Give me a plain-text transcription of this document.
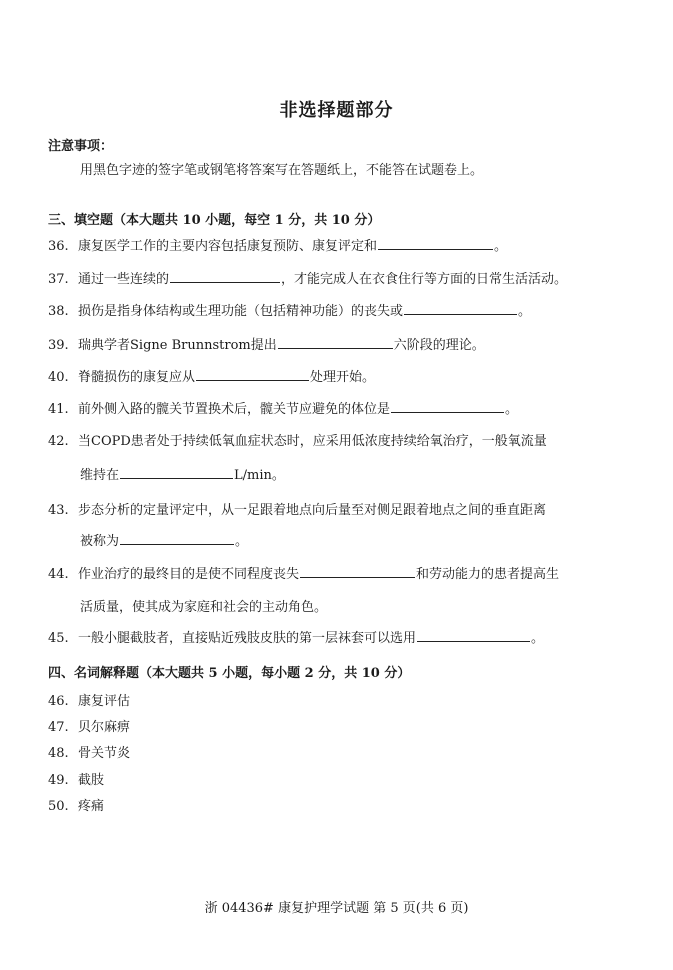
非选择题部分
注意事项：
用黑色字迹的签字笔或钢笔将答案写在答题纸上，不能答在试题卷上。
三、填空题（本大题共 10 小题，每空 1 分，共 10 分）
36. 康复医学工作的主要内容包括康复预防、康复评定和	。
37. 通过一些连续的	，才能完成人在衣食住行等方面的日常生活活动。
38. 损伤是指身体结构或生理功能（包括精神功能）的丧失或	。
39. 瑞典学者Signe Brunnstrom提出	六阶段的理论。
40. 脊髓损伤的康复应从	处理开始。
41. 前外侧入路的髋关节置换术后，髋关节应避免的体位是	。
42. 当COPD患者处于持续低氧血症状态时，应采用低浓度持续给氧治疗，一般氧流量
维持在	L/min。
43. 步态分析的定量评定中，从一足跟着地点向后量至对侧足跟着地点之间的垂直距离
被称为	。
44. 作业治疗的最终目的是使不同程度丧失	和劳动能力的患者提高生
活质量，使其成为家庭和社会的主动角色。
45. 一般小腿截肢者，直接贴近残肢皮肤的第一层袜套可以选用	。
四、名词解释题（本大题共 5 小题，每小题 2 分，共 10 分）
46. 康复评估
47. 贝尔麻痹
48. 骨关节炎
49. 截肢
50. 疼痛
浙 04436# 康复护理学试题 第 5 页(共 6 页)
